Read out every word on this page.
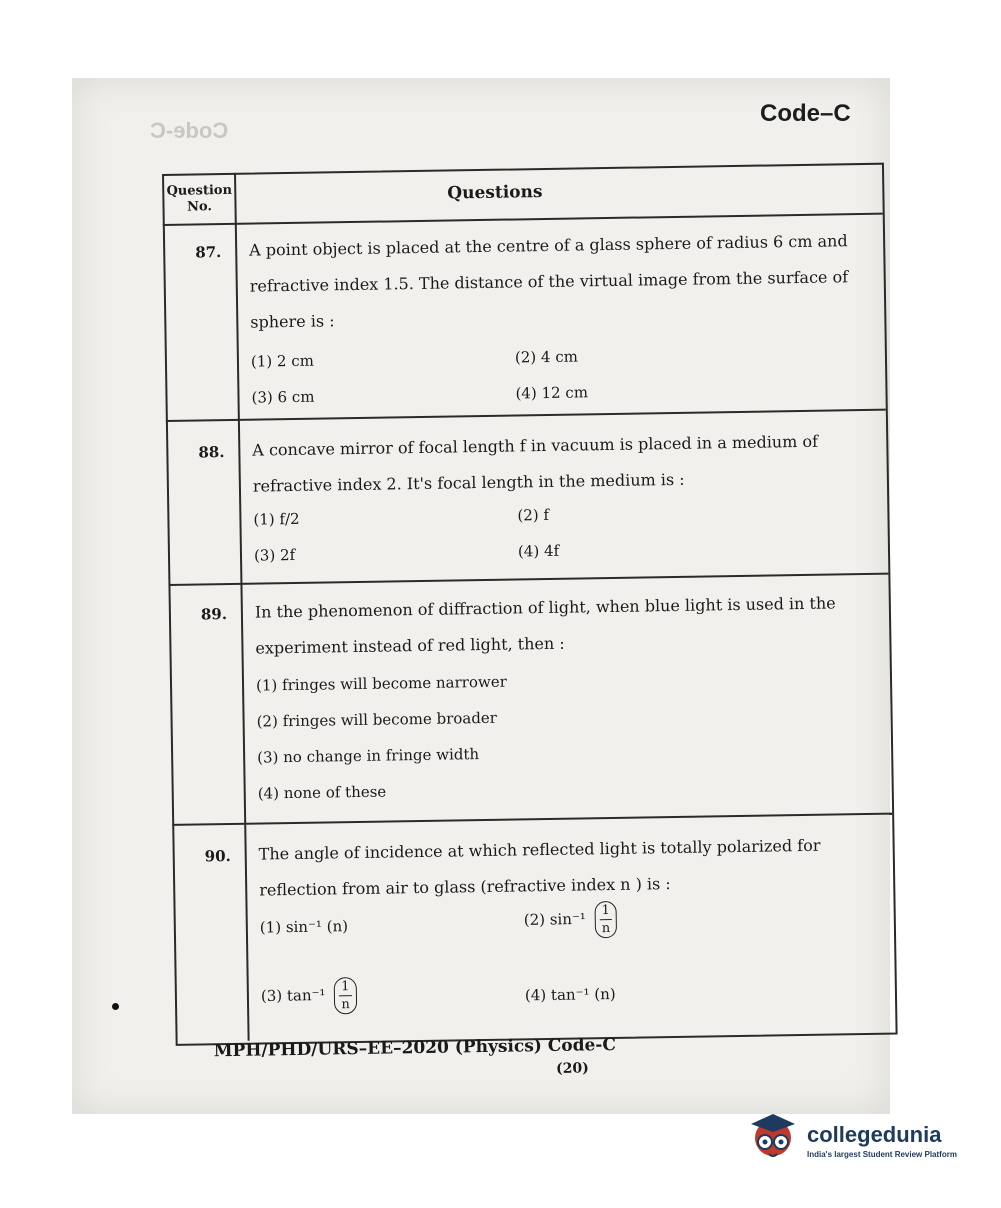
Code-C
Code–C
Question No.
Questions
87. A point object is placed at the centre of a glass sphere of radius 6 cm and
refractive index 1.5. The distance of the virtual image from the surface of
sphere is :
(1) 2 cm	(2) 4 cm
(3) 6 cm	(4) 12 cm
88. A concave mirror of focal length f in vacuum is placed in a medium of
refractive index 2. It's focal length in the medium is :
(1) f/2	(2) f
(3) 2f	(4) 4f
89. In the phenomenon of diffraction of light, when blue light is used in the
experiment instead of red light, then :
(1) fringes will become narrower
(2) fringes will become broader
(3) no change in fringe width
(4) none of these
90. The angle of incidence at which reflected light is totally polarized for
reflection from air to glass (refractive index n ) is :
(1) sin⁻¹ (n)	(2) $\sin^{-1} \frac{1}{n}$
(3) $\tan^{-1} \frac{1}{n}$	(4) tan⁻¹ (n)
MPH/PHD/URS–EE–2020 (Physics) Code-C
(20)
collegedunia
India's largest Student Review Platform
